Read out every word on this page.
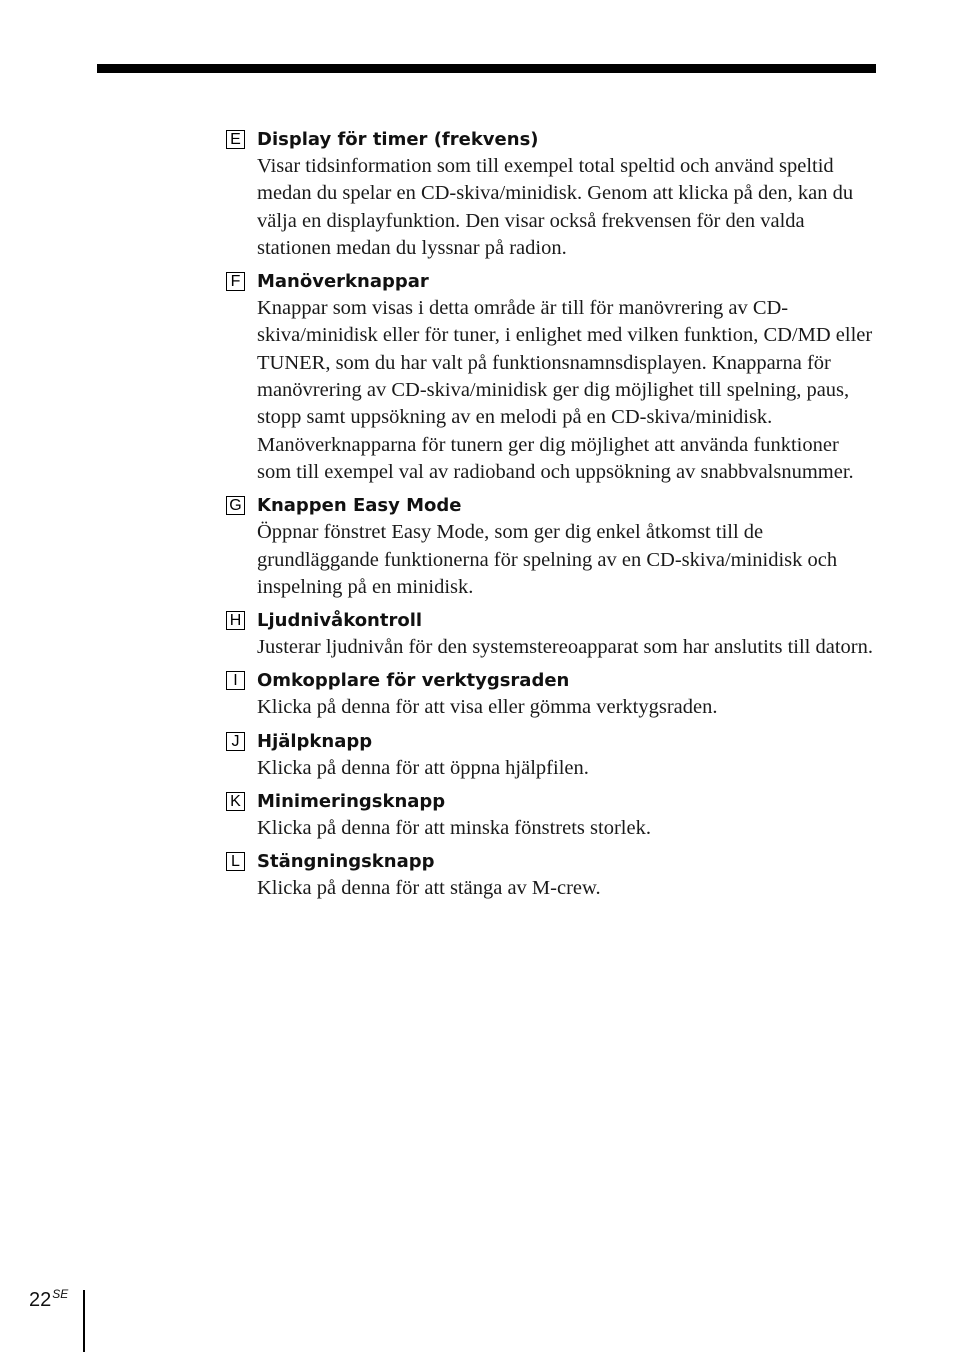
E Display för timer (frekvens)
Visar tidsinformation som till exempel total speltid och använd speltid medan du spelar en CD-skiva/minidisk. Genom att klicka på den, kan du välja en displayfunktion. Den visar också frekvensen för den valda stationen medan du lyssnar på radion.
F Manöverknappar
Knappar som visas i detta område är till för manövrering av CD-skiva/minidisk eller för tuner, i enlighet med vilken funktion, CD/MD eller TUNER, som du har valt på funktionsnamnsdisplayen. Knapparna för manövrering av CD-skiva/minidisk ger dig möjlighet till spelning, paus, stopp samt uppsökning av en melodi på en CD-skiva/minidisk. Manöverknapparna för tunern ger dig möjlighet att använda funktioner som till exempel val av radioband och uppsökning av snabbvalsnummer.
G Knappen Easy Mode
Öppnar fönstret Easy Mode, som ger dig enkel åtkomst till de grundläggande funktionerna för spelning av en CD-skiva/minidisk och inspelning på en minidisk.
H Ljudnivåkontroll
Justerar ljudnivån för den systemstereoapparat som har anslutits till datorn.
I	Omkopplare för verktygsraden
Klicka på denna för att visa eller gömma verktygsraden.
J Hjälpknapp
Klicka på denna för att öppna hjälpfilen.
K Minimeringsknapp
Klicka på denna för att minska fönstrets storlek.
L Stängningsknapp
Klicka på denna för att stänga av M-crew.
$22^{SE}$
